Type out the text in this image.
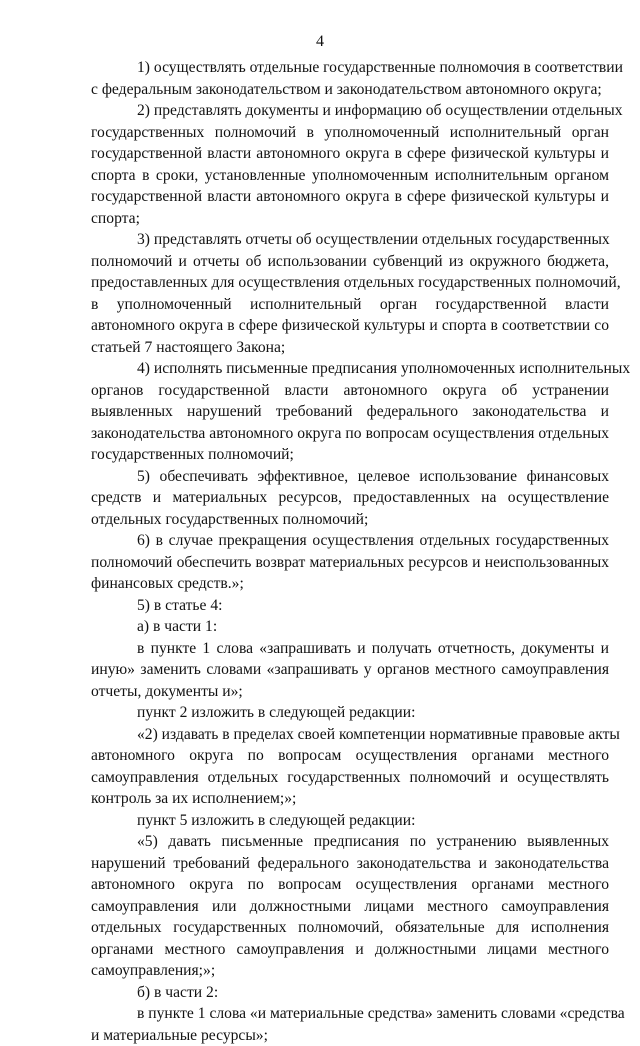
4
1) осуществлять отдельные государственные полномочия в соответствии
с федеральным законодательством и законодательством автономного округа;
2) представлять документы и информацию об осуществлении отдельных
государственных полномочий в уполномоченный исполнительный орган
государственной власти автономного округа в сфере физической культуры и
спорта в сроки, установленные уполномоченным исполнительным органом
государственной власти автономного округа в сфере физической культуры и
спорта;
3) представлять отчеты об осуществлении отдельных государственных
полномочий и отчеты об использовании субвенций из окружного бюджета,
предоставленных для осуществления отдельных государственных полномочий,
в уполномоченный исполнительный орган государственной власти
автономного округа в сфере физической культуры и спорта в соответствии со
статьей 7 настоящего Закона;
4) исполнять письменные предписания уполномоченных исполнительных
органов государственной власти автономного округа об устранении
выявленных нарушений требований федерального законодательства и
законодательства автономного округа по вопросам осуществления отдельных
государственных полномочий;
5) обеспечивать эффективное, целевое использование финансовых
средств и материальных ресурсов, предоставленных на осуществление
отдельных государственных полномочий;
6) в случае прекращения осуществления отдельных государственных
полномочий обеспечить возврат материальных ресурсов и неиспользованных
финансовых средств.»;
5) в статье 4:
а) в части 1:
в пункте 1 слова «запрашивать и получать отчетность, документы и
иную» заменить словами «запрашивать у органов местного самоуправления
отчеты, документы и»;
пункт 2 изложить в следующей редакции:
«2) издавать в пределах своей компетенции нормативные правовые акты
автономного округа по вопросам осуществления органами местного
самоуправления отдельных государственных полномочий и осуществлять
контроль за их исполнением;»;
пункт 5 изложить в следующей редакции:
«5) давать письменные предписания по устранению выявленных
нарушений требований федерального законодательства и законодательства
автономного округа по вопросам осуществления органами местного
самоуправления или должностными лицами местного самоуправления
отдельных государственных полномочий, обязательные для исполнения
органами местного самоуправления и должностными лицами местного
самоуправления;»;
б) в части 2:
в пункте 1 слова «и материальные средства» заменить словами «средства
и материальные ресурсы»;
